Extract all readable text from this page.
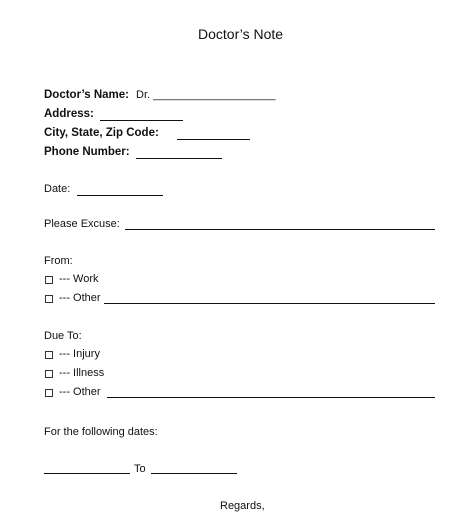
Doctor’s Note
Doctor’s Name: Dr. ____________________
Address:
City, State, Zip Code:
Phone Number:
Date:
Please Excuse:
From:
--- Work
--- Other
Due To:
--- Injury
--- Illness
--- Other
For the following dates:
To
Regards,
